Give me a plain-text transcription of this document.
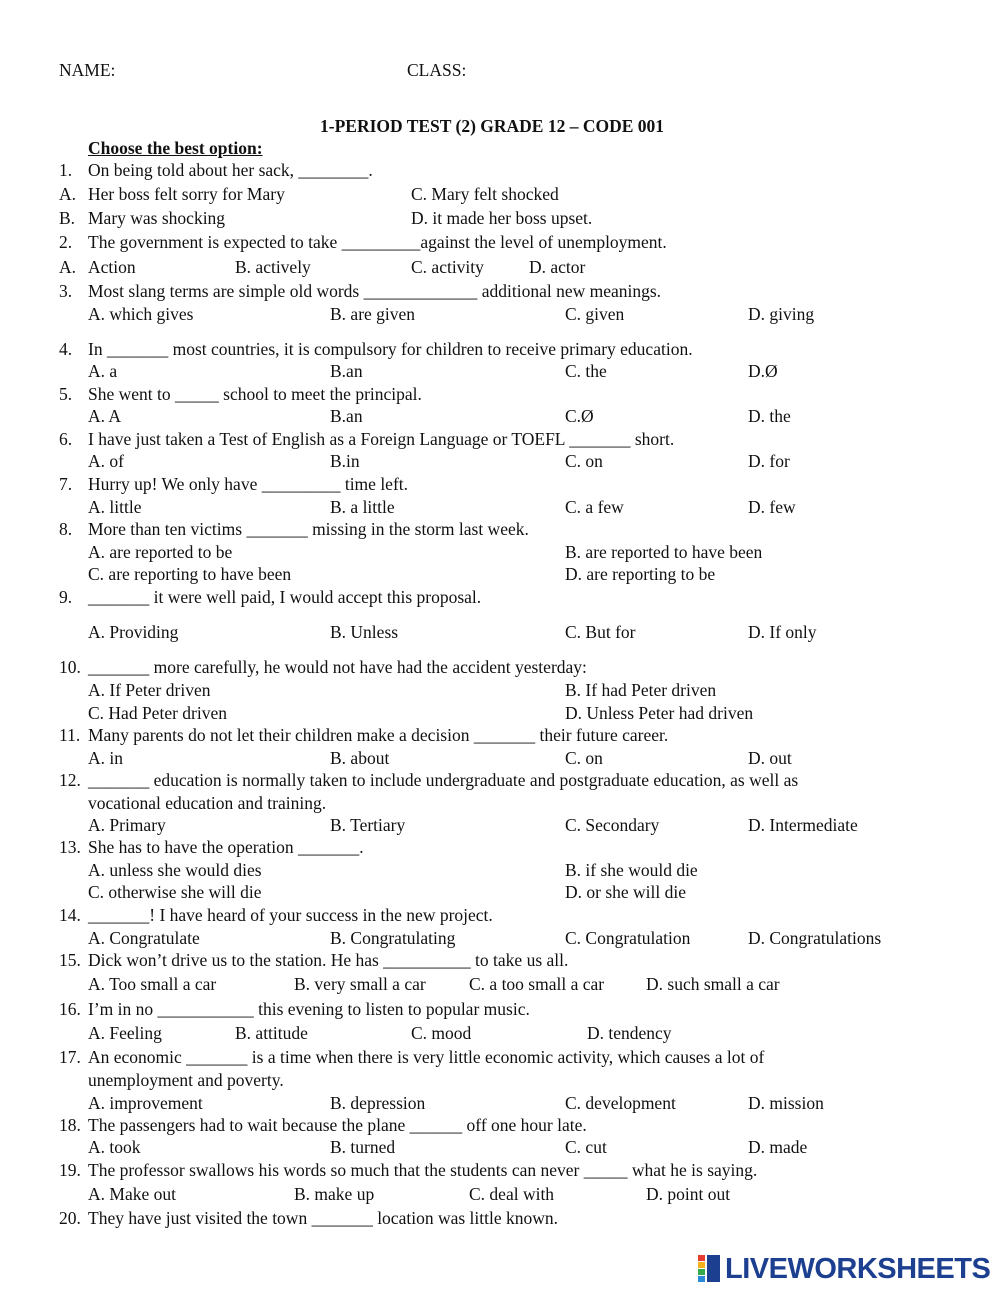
NAME:	CLASS:
1-PERIOD TEST (2) GRADE 12 – CODE 001
Choose the best option:
1. On being told about her sack, ________.
A. Her boss felt sorry for Mary	C. Mary felt shocked
B. Mary was shocking	D. it made her boss upset.
2. The government is expected to take _________against the level of unemployment.
A. Action	B. actively	C. activity	D. actor
3. Most slang terms are simple old words _____________ additional new meanings.
A. which gives	B. are given	C. given	D. giving
4. In _______ most countries, it is compulsory for children to receive primary education.
A. a	B.an	C. the	D.Ø
5. She went to _____ school to meet the principal.
A. A	B.an	C.Ø	D. the
6. I have just taken a Test of English as a Foreign Language or TOEFL _______ short.
A. of	B.in	C. on	D. for
7. Hurry up! We only have _________ time left.
A. little	B. a little	C. a few	D. few
8. More than ten victims _______ missing in the storm last week.
A. are reported to be	B. are reported to have been
C. are reporting to have been	D. are reporting to be
9. _______ it were well paid, I would accept this proposal.
A. Providing	B. Unless	C. But for	D. If only
10. _______ more carefully, he would not have had the accident yesterday:
A. If Peter driven	B. If had Peter driven
C. Had Peter driven	D. Unless Peter had driven
11. Many parents do not let their children make a decision _______ their future career.
A. in	B. about	C. on	D. out
12. _______ education is normally taken to include undergraduate and postgraduate education, as well as
vocational education and training.
A. Primary	B. Tertiary	C. Secondary	D. Intermediate
13. She has to have the operation _______.
A. unless she would dies	B. if she would die
C. otherwise she will die	D. or she will die
14. _______! I have heard of your success in the new project.
A. Congratulate	B. Congratulating	C. Congratulation	D. Congratulations
15. Dick won’t drive us to the station. He has __________ to take us all.
A. Too small a car	B. very small a car C. a too small a car D. such small a car
16. I’m in no ___________ this evening to listen to popular music.
A. Feeling	B. attitude	C. mood	D. tendency
17. An economic _______ is a time when there is very little economic activity, which causes a lot of
unemployment and poverty.
A. improvement	B. depression	C. development	D. mission
18. The passengers had to wait because the plane ______ off one hour late.
A. took	B. turned	C. cut	D. made
19. The professor swallows his words so much that the students can never _____ what he is saying.
A. Make out	B. make up	C. deal with	D. point out
20. They have just visited the town _______ location was little known.
LIVEWORKSHEETS
